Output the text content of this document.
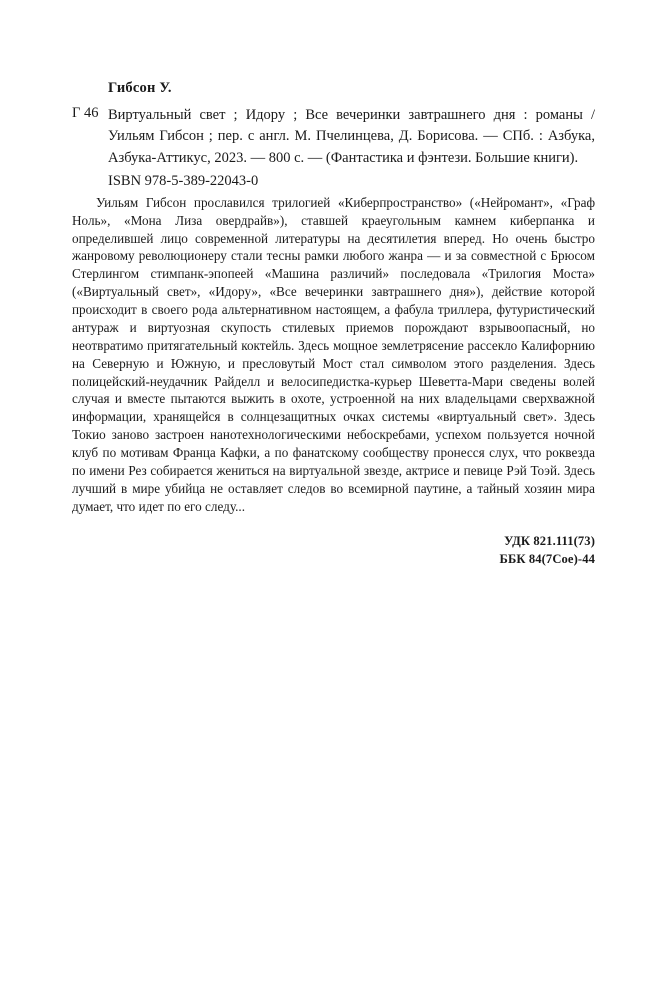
Гибсон У.
Г 46 Виртуальный свет ; Идору ; Все вечеринки завтрашнего дня : романы / Уильям Гибсон ; пер. с англ. М. Пчелинцева, Д. Борисова. — СПб. : Азбука, Азбука-Аттикус, 2023. — 800 с. — (Фантастика и фэнтези. Большие книги).
ISBN 978-5-389-22043-0
Уильям Гибсон прославился трилогией «Киберпространство» («Нейромант», «Граф Ноль», «Мона Лиза овердрайв»), ставшей краеугольным камнем киберпанка и определившей лицо современной литературы на десятилетия вперед. Но очень быстро жанровому революционеру стали тесны рамки любого жанра — и за совместной с Брюсом Стерлингом стимпанк-эпопеей «Машина различий» последовала «Трилогия Моста» («Виртуальный свет», «Идору», «Все вечеринки завтрашнего дня»), действие которой происходит в своего рода альтернативном настоящем, а фабула триллера, футуристический антураж и виртуозная скупость стилевых приемов порождают взрывоопасный, но неотвратимо притягательный коктейль. Здесь мощное землетрясение рассекло Калифорнию на Северную и Южную, и пресловутый Мост стал символом этого разделения. Здесь полицейский-неудачник Райделл и велосипедистка-курьер Шеветта-Мари сведены волей случая и вместе пытаются выжить в охоте, устроенной на них владельцами сверхважной информации, хранящейся в солнцезащитных очках системы «виртуальный свет». Здесь Токио заново застроен нанотехнологическими небоскребами, успехом пользуется ночной клуб по мотивам Франца Кафки, а по фанатскому сообществу пронесся слух, что роквезда по имени Рез собирается жениться на виртуальной звезде, актрисе и певице Рэй Тоэй. Здесь лучший в мире убийца не оставляет следов во всемирной паутине, а тайный хозяин мира думает, что идет по его следу...
УДК 821.111(73)
ББК 84(7Сое)-44
